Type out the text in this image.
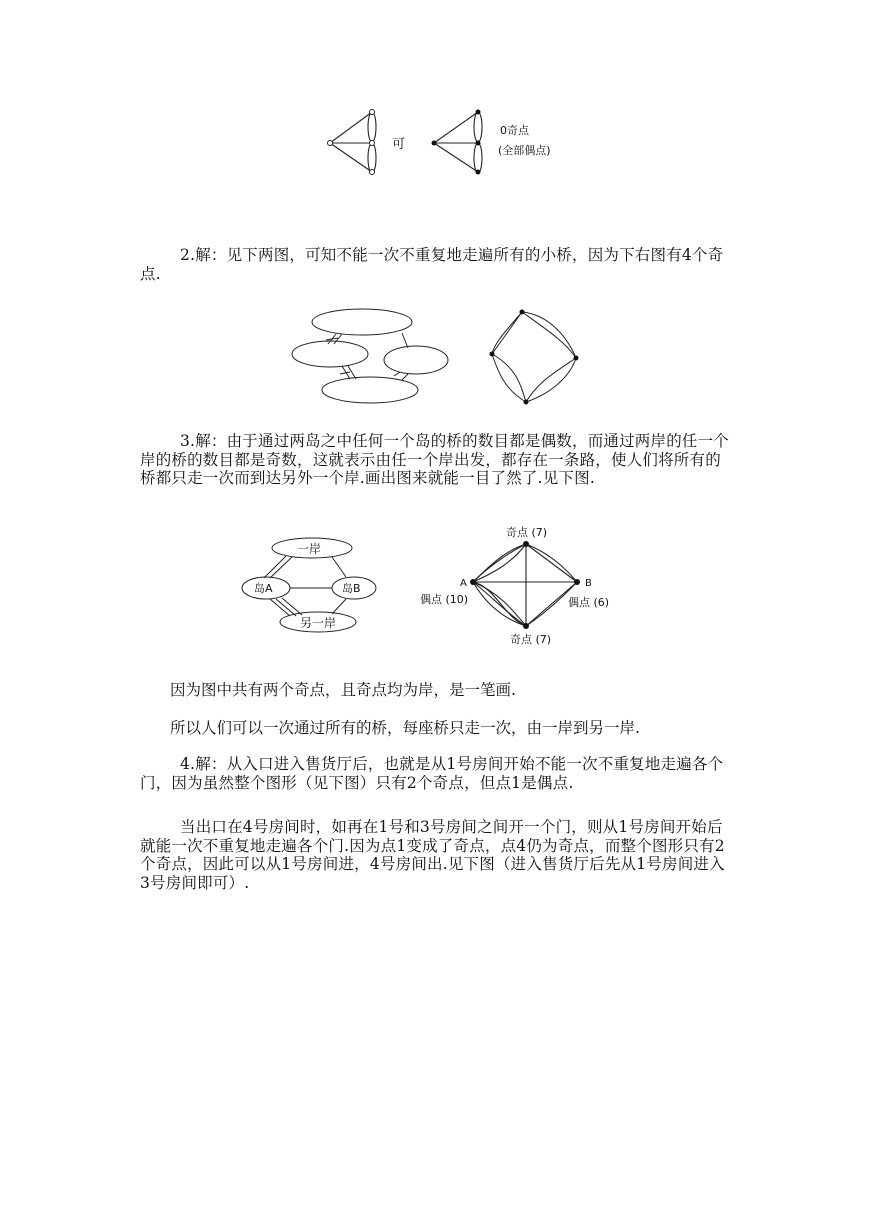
可
0奇点
(全部偶点)
2.解：见下两图，可知不能一次不重复地走遍所有的小桥，因为下右图有4个奇点.
3.解：由于通过两岛之中任何一个岛的桥的数目都是偶数，而通过两岸的任一个岸的桥的数目都是奇数，这就表示由任一个岸出发，都存在一条路，使人们将所有的桥都只走一次而到达另外一个岸.画出图来就能一目了然了.见下图.
一岸
岛A	岛B
另一岸
奇点 (7)
A	B
偶点 (10)	偶点 (6)
奇点 (7)
因为图中共有两个奇点，且奇点均为岸，是一笔画.
所以人们可以一次通过所有的桥，每座桥只走一次，由一岸到另一岸.
4.解：从入口进入售货厅后，也就是从1号房间开始不能一次不重复地走遍各个门，因为虽然整个图形（见下图）只有2个奇点，但点1是偶点.
当出口在4号房间时，如再在1号和3号房间之间开一个门，则从1号房间开始后就能一次不重复地走遍各个门.因为点1变成了奇点，点4仍为奇点，而整个图形只有2个奇点，因此可以从1号房间进，4号房间出.见下图（进入售货厅后先从1号房间进入3号房间即可）.
